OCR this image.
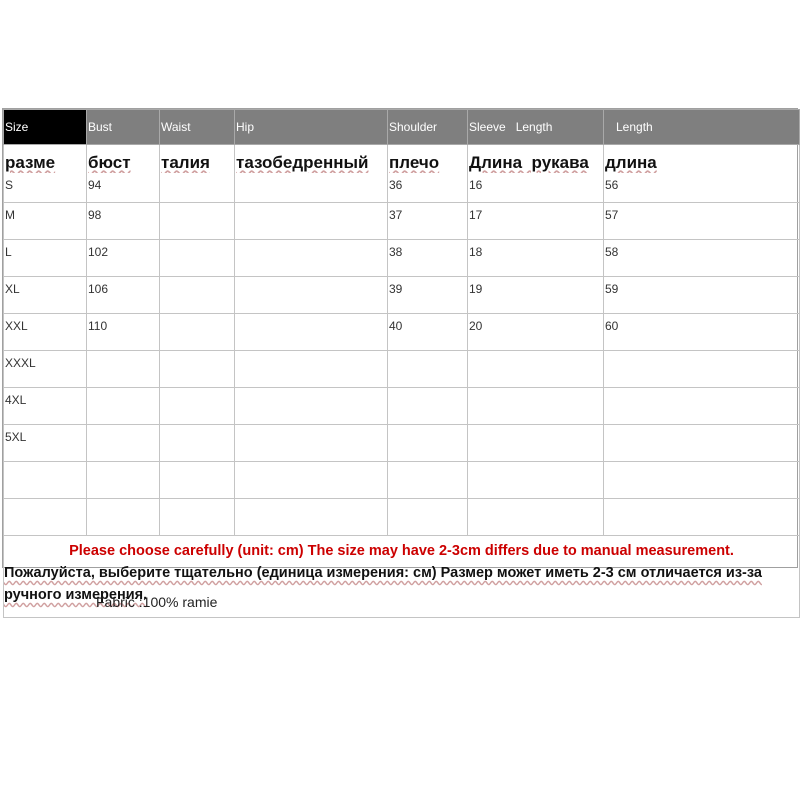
Size	Bust	Waist	Hip	Shoulder	Sleeve   Length	Length
разме	бюст	талия	тазобедренный	плечо	Длина  рукава	длина
S	94			36	16	56
M	98			37	17	57
L	102			38	18	58
XL	106			39	19	59
XXL	110			40	20	60
XXXL						
4XL						
5XL						

Please choose carefully (unit: cm) The size may have 2-3cm differs due to manual measurement.
Пожалуйста, выберите тщательно (единица измерения: см) Размер может иметь 2-3 см отличается из-за ручного измерения.						
Fabric :100% ramie
